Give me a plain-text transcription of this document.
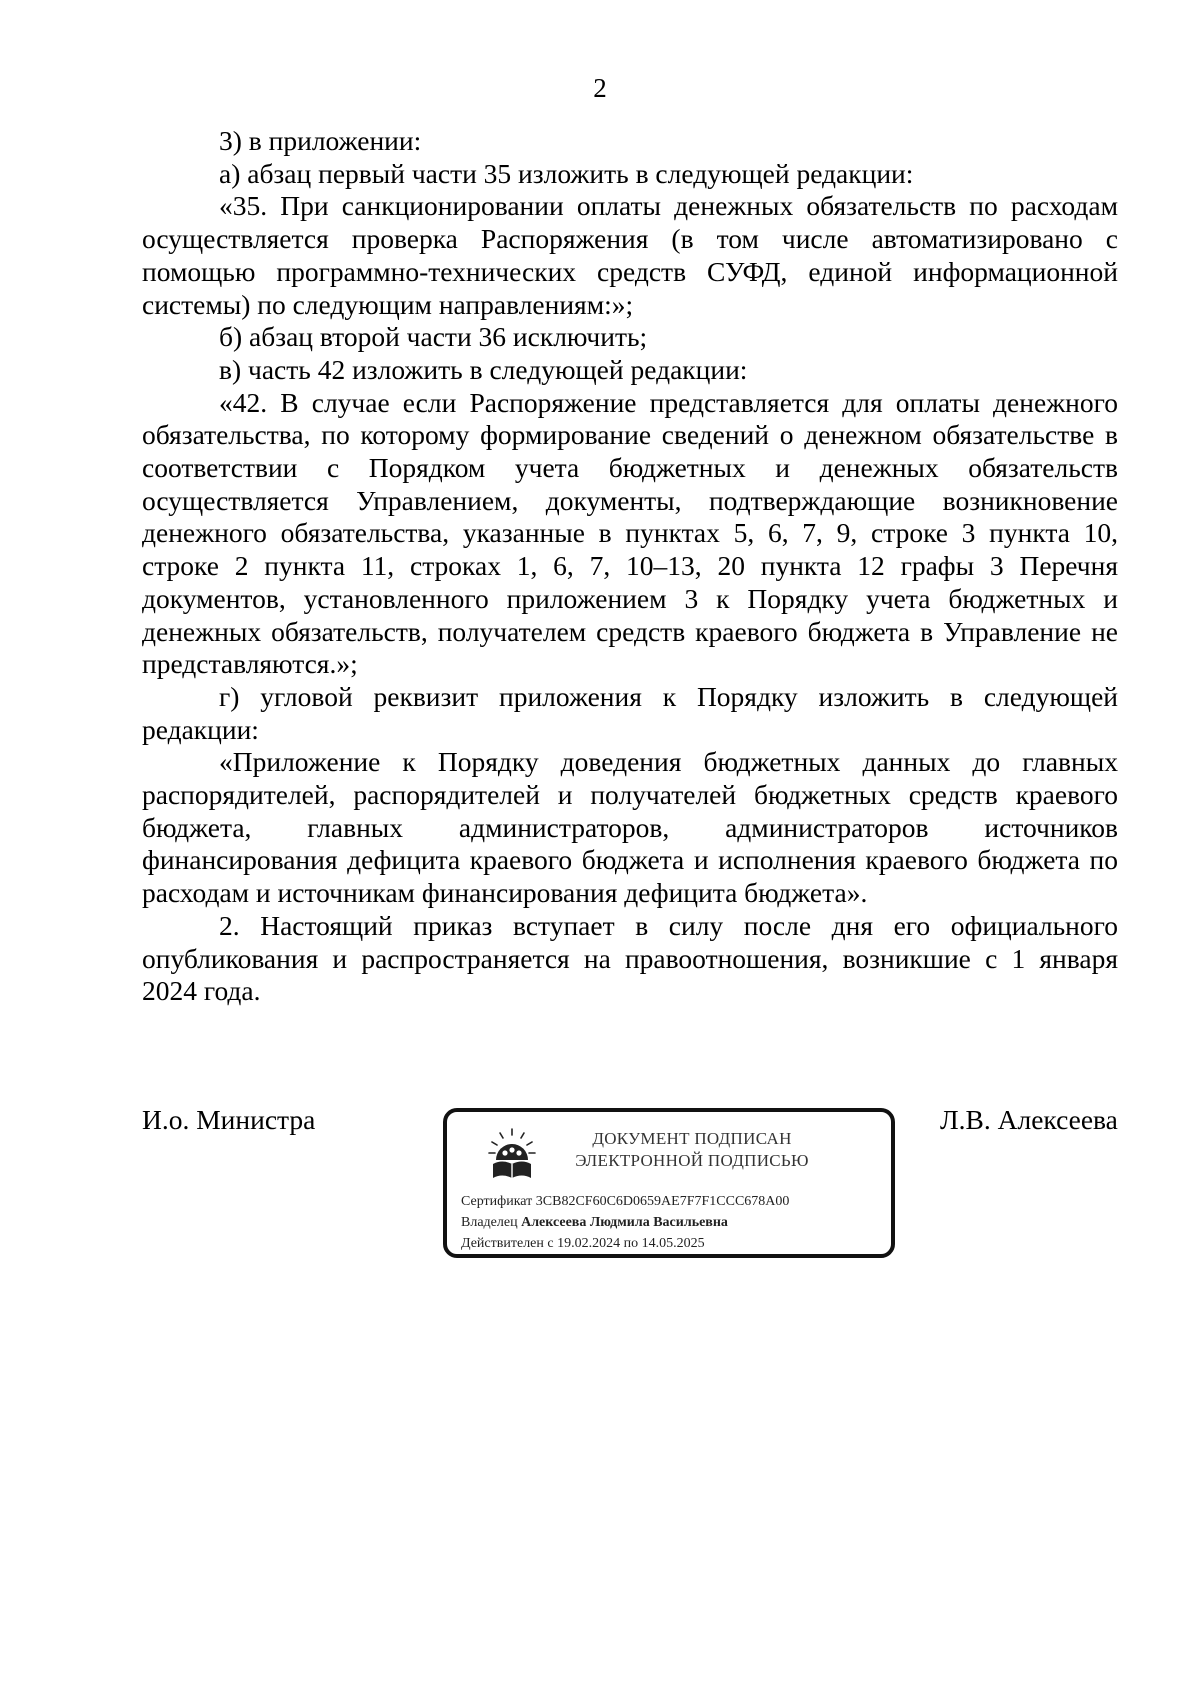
2

3) в приложении:

а) абзац первый части 35 изложить в следующей редакции:

«35. При санкционировании оплаты денежных обязательств по расходам осуществляется проверка Распоряжения (в том числе автоматизировано с помощью программно-технических средств СУФД, единой информационной системы) по следующим направлениям:»;

б) абзац второй части 36 исключить;

в) часть 42 изложить в следующей редакции:

«42. В случае если Распоряжение представляется для оплаты денежного обязательства, по которому формирование сведений о денежном обязательстве в соответствии с Порядком учета бюджетных и денежных обязательств осуществляется Управлением, документы, подтверждающие возникновение денежного обязательства, указанные в пунктах 5, 6, 7, 9, строке 3 пункта 10, строке 2 пункта 11, строках 1, 6, 7, 10–13, 20 пункта 12 графы 3 Перечня документов, установленного приложением 3 к Порядку учета бюджетных и денежных обязательств, получателем средств краевого бюджета в Управление не представляются.»;

г) угловой реквизит приложения к Порядку изложить в следующей редакции:

«Приложение к Порядку доведения бюджетных данных до главных распорядителей, распорядителей и получателей бюджетных средств краевого бюджета, главных администраторов, администраторов источников финансирования дефицита краевого бюджета и исполнения краевого бюджета по расходам и источникам финансирования дефицита бюджета».

2. Настоящий приказ вступает в силу после дня его официального опубликования и распространяется на правоотношения, возникшие с 1 января 2024 года.

И.о. Министра
ДОКУМЕНТ ПОДПИСАН
ЭЛЕКТРОННОЙ ПОДПИСЬЮ
Сертификат 3CB82CF60C6D0659AE7F7F1CCC678A00
Владелец Алексеева Людмила Васильевна
Действителен с 19.02.2024 по 14.05.2025
Л.В. Алексеева
